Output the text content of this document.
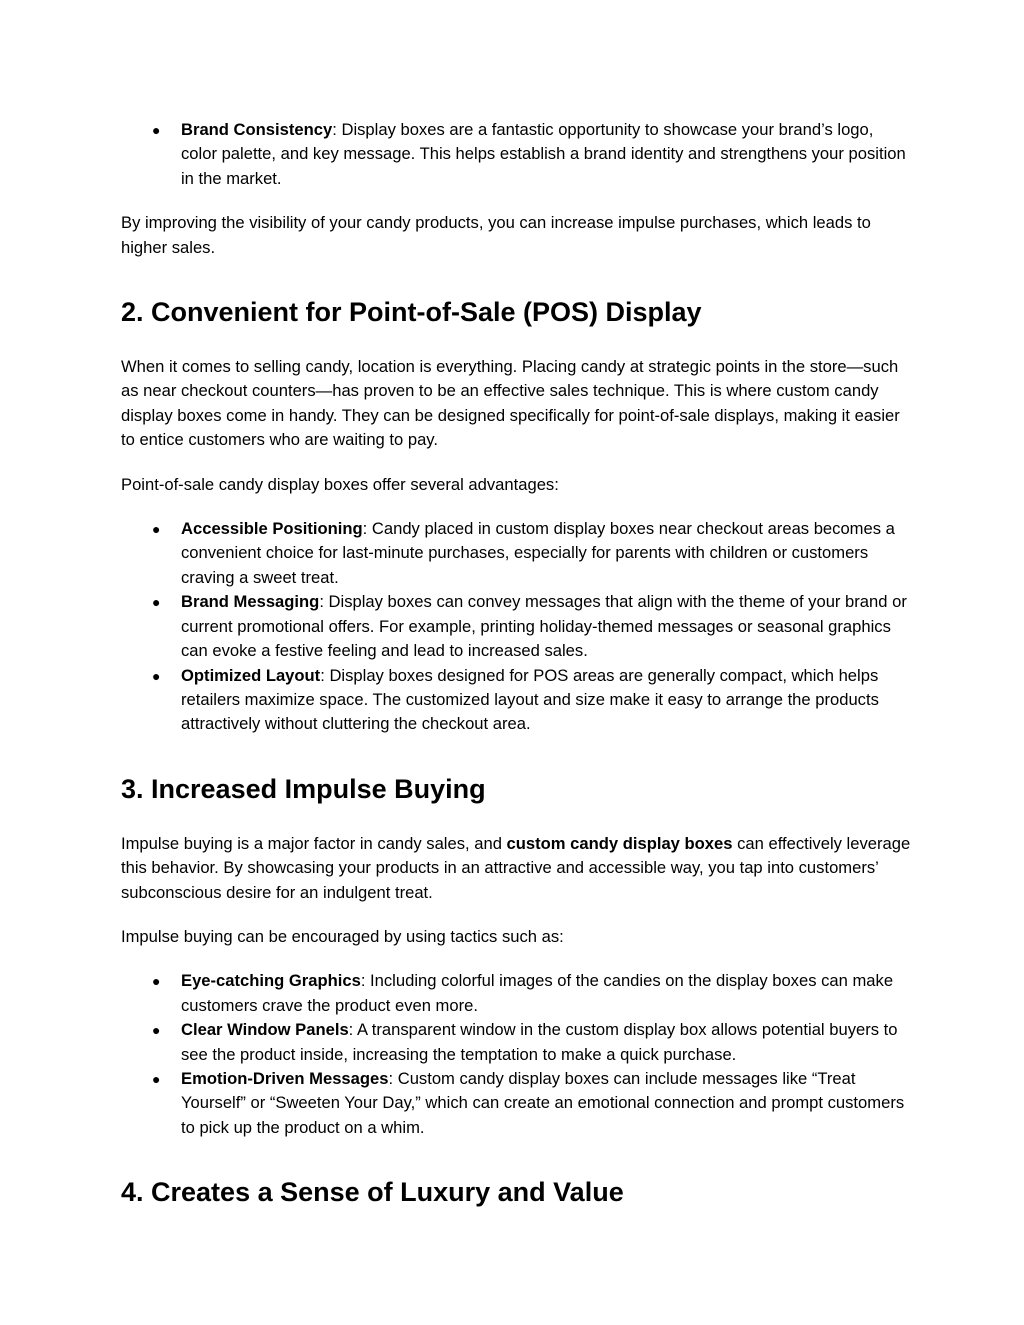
● Brand Consistency: Display boxes are a fantastic opportunity to showcase your brand’s logo, color palette, and key message. This helps establish a brand identity and strengthens your position in the market.

By improving the visibility of your candy products, you can increase impulse purchases, which leads to higher sales.

2. Convenient for Point-of-Sale (POS) Display

When it comes to selling candy, location is everything. Placing candy at strategic points in the store—such as near checkout counters—has proven to be an effective sales technique. This is where custom candy display boxes come in handy. They can be designed specifically for point-of-sale displays, making it easier to entice customers who are waiting to pay.

Point-of-sale candy display boxes offer several advantages:

● Accessible Positioning: Candy placed in custom display boxes near checkout areas becomes a convenient choice for last-minute purchases, especially for parents with children or customers craving a sweet treat.
● Brand Messaging: Display boxes can convey messages that align with the theme of your brand or current promotional offers. For example, printing holiday-themed messages or seasonal graphics can evoke a festive feeling and lead to increased sales.
● Optimized Layout: Display boxes designed for POS areas are generally compact, which helps retailers maximize space. The customized layout and size make it easy to arrange the products attractively without cluttering the checkout area.
3. Increased Impulse Buying

Impulse buying is a major factor in candy sales, and custom candy display boxes can effectively leverage this behavior. By showcasing your products in an attractive and accessible way, you tap into customers’ subconscious desire for an indulgent treat.

Impulse buying can be encouraged by using tactics such as:

● Eye-catching Graphics: Including colorful images of the candies on the display boxes can make customers crave the product even more.
● Clear Window Panels: A transparent window in the custom display box allows potential buyers to see the product inside, increasing the temptation to make a quick purchase.
● Emotion-Driven Messages: Custom candy display boxes can include messages like “Treat Yourself” or “Sweeten Your Day,” which can create an emotional connection and prompt customers to pick up the product on a whim.
4. Creates a Sense of Luxury and Value
